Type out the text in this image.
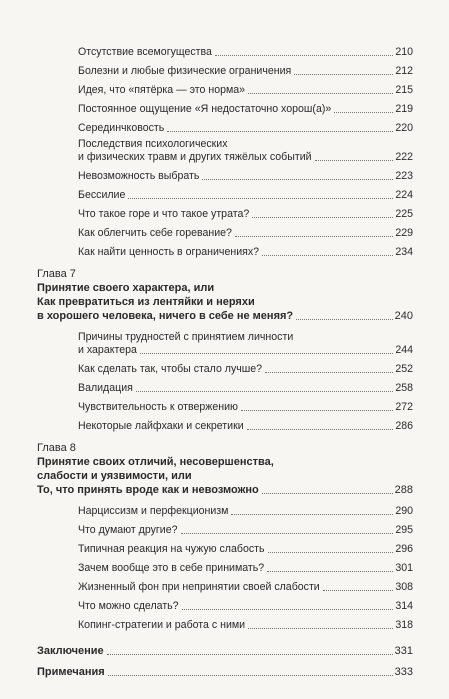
Отсутствие всемогущества	210
Болезни и любые физические ограничения	212
Идея, что «пятёрка — это норма»	215
Постоянное ощущение «Я недостаточно хорош(а)»	219
Серединчковость	220
Последствия психологических
и физических травм и других тяжёлых событий	222
Невозможность выбрать	223
Бессилие	224
Что такое горе и что такое утрата?	225
Как облегчить себе горевание?	229
Как найти ценность в ограничениях?	234
Глава 7
Принятие своего характера, или
Как превратиться из лентяйки и неряхи
в хорошего человека, ничего в себе не меняя?	240
Причины трудностей с принятием личности
и характера	244
Как сделать так, чтобы стало лучше?	252
Валидация	258
Чувствительность к отвержению	272
Некоторые лайфхаки и секретики	286
Глава 8
Принятие своих отличий, несовершенства,
слабости и уязвимости, или
То, что принять вроде как и невозможно	288
Нарциссизм и перфекционизм	290
Что думают другие?	295
Типичная реакция на чужую слабость	296
Зачем вообще это в себе принимать?	301
Жизненный фон при непринятии своей слабости	308
Что можно сделать?	314
Копинг-стратегии и работа с ними	318
Заключение	331
Примечания	333
